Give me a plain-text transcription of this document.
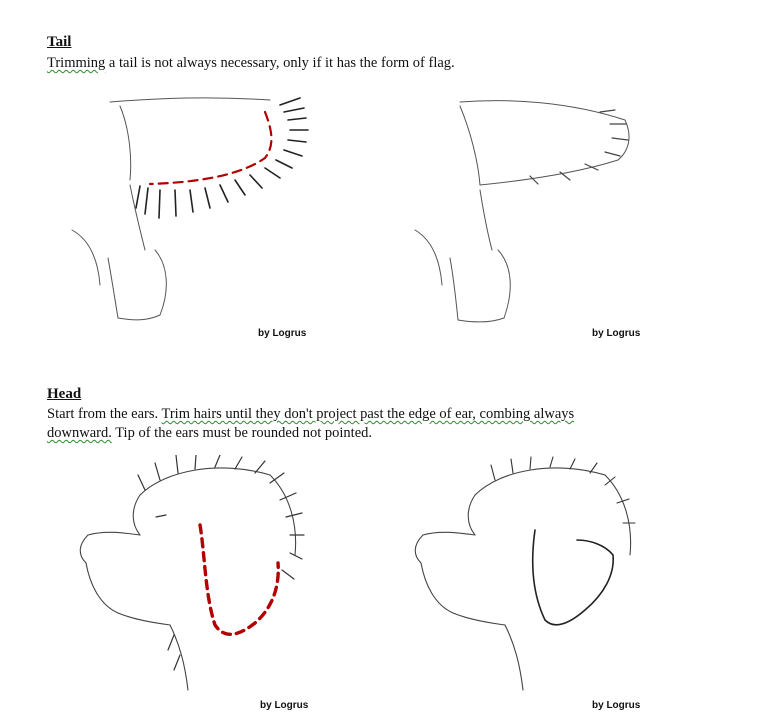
Tail

Trimming a tail is not always necessary, only if it has the form of flag.

by Logrus	by Logrus
Head

Start from the ears. Trim hairs until they don't project past the edge of ear, combing always
downward. Tip of the ears must be rounded not pointed.

by Logrus	by Logrus
